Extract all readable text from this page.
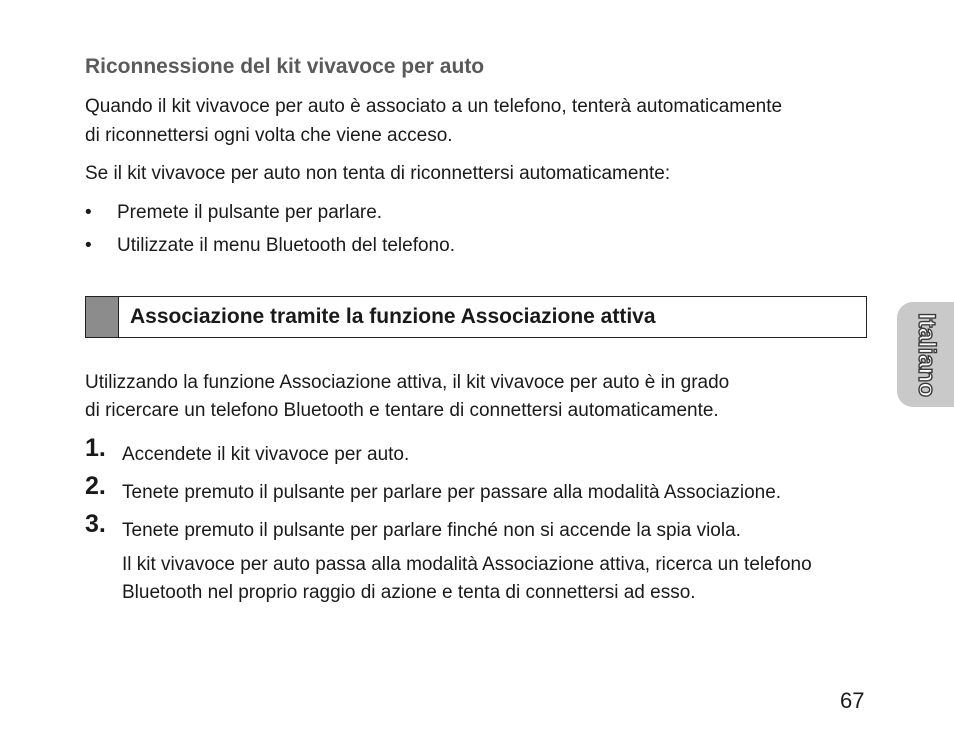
Riconnessione del kit vivavoce per auto
Quando il kit vivavoce per auto è associato a un telefono, tenterà automaticamente
di riconnettersi ogni volta che viene acceso.
Se il kit vivavoce per auto non tenta di riconnettersi automaticamente:
• Premete il pulsante per parlare.
• Utilizzate il menu Bluetooth del telefono.
Associazione tramite la funzione Associazione attiva
Utilizzando la funzione Associazione attiva, il kit vivavoce per auto è in grado
di ricercare un telefono Bluetooth e tentare di connettersi automaticamente.
1. Accendete il kit vivavoce per auto.
2. Tenete premuto il pulsante per parlare per passare alla modalità Associazione.
3. Tenete premuto il pulsante per parlare finché non si accende la spia viola.
Il kit vivavoce per auto passa alla modalità Associazione attiva, ricerca un telefono
Bluetooth nel proprio raggio di azione e tenta di connettersi ad esso.
Italiano
67
